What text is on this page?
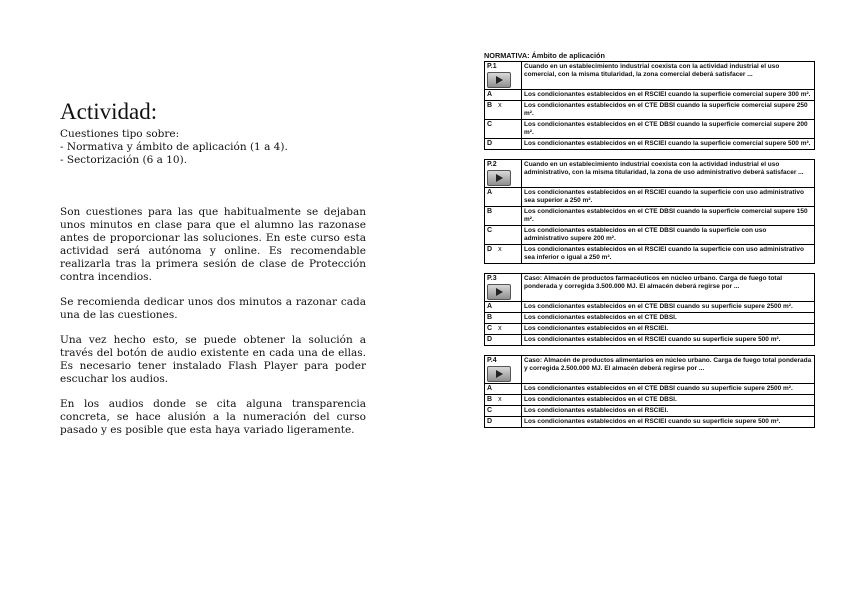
Actividad:
Cuestiones tipo sobre:
- Normativa y ámbito de aplicación (1 a 4).
- Sectorización (6 a 10).
Son cuestiones para las que habitualmente se dejaban unos minutos en clase para que el alumno las razonase antes de proporcionar las soluciones. En este curso esta actividad será autónoma y online. Es recomendable realizarla tras la primera sesión de clase de Protección contra incendios.
Se recomienda dedicar unos dos minutos a razonar cada una de las cuestiones.
Una vez hecho esto, se puede obtener la solución a través del botón de audio existente en cada una de ellas. Es necesario tener instalado Flash Player para poder escuchar los audios.
En los audios donde se cita alguna transparencia concreta, se hace alusión a la numeración del curso pasado y es posible que esta haya variado ligeramente.
NORMATIVA: Ámbito de aplicación
P.1	Cuando en un establecimiento industrial coexista con la actividad industrial el uso comercial, con la misma titularidad, la zona comercial deberá satisfacer ...
A	Los condicionantes establecidos en el RSCIEI cuando la superficie comercial supere 300 m².
B x	Los condicionantes establecidos en el CTE DBSI cuando la superficie comercial supere 250 m².
C	Los condicionantes establecidos en el CTE DBSI cuando la superficie comercial supere 200 m².
D	Los condicionantes establecidos en el RSCIEI cuando la superficie comercial supere 500 m².
P.2	Cuando en un establecimiento industrial coexista con la actividad industrial el uso administrativo, con la misma titularidad, la zona de uso administrativo deberá satisfacer ...
A	Los condicionantes establecidos en el RSCIEI cuando la superficie con uso administrativo sea superior a 250 m².
B	Los condicionantes establecidos en el CTE DBSI cuando la superficie comercial supere 150 m².
C	Los condicionantes establecidos en el CTE DBSI cuando la superficie con uso administrativo supere 200 m².
D x	Los condicionantes establecidos en el RSCIEI cuando la superficie con uso administrativo sea inferior o igual a 250 m².
P.3	Caso: Almacén de productos farmacéuticos en núcleo urbano. Carga de fuego total ponderada y corregida 3.500.000 MJ. El almacén deberá regirse por ...
A	Los condicionantes establecidos en el CTE DBSI cuando su superficie supere 2500 m².
B	Los condicionantes establecidos en el CTE DBSI.
C x	Los condicionantes establecidos en el RSCIEI.
D	Los condicionantes establecidos en el RSCIEI cuando su superficie supere 500 m².
P.4	Caso: Almacén de productos alimentarios en núcleo urbano. Carga de fuego total ponderada y corregida 2.500.000 MJ. El almacén deberá regirse por ...
A	Los condicionantes establecidos en el CTE DBSI cuando su superficie supere 2500 m².
B x	Los condicionantes establecidos en el CTE DBSI.
C	Los condicionantes establecidos en el RSCIEI.
D	Los condicionantes establecidos en el RSCIEI cuando su superficie supere 500 m².
